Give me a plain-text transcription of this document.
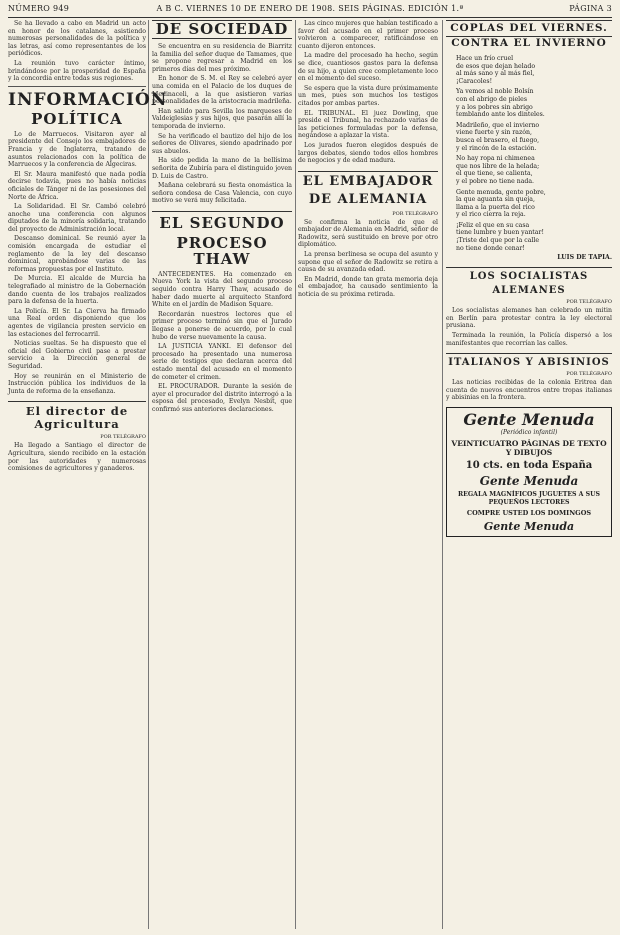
NÚMERO 949	A B C. VIERNES 10 DE ENERO DE 1908. SEIS PÁGINAS. EDICIÓN 1.ª	PÁGINA 3

Se ha llevado a cabo en Madrid un acto en honor de los catalanes, asistiendo numerosas personalidades de la política y las letras, así como representantes de los periódicos.

La reunión tuvo carácter íntimo, brindándose por la prosperidad de España y la concordia entre todas sus regiones.

INFORMACIÓN
POLÍTICA

Lo de Marruecos. Visitaron ayer al presidente del Consejo los embajadores de Francia y de Inglaterra, tratando de asuntos relacionados con la política de Marruecos y la conferencia de Algeciras.

El Sr. Maura manifestó que nada podía decirse todavía, pues no había noticias oficiales de Tánger ni de las posesiones del Norte de África.

La Solidaridad. El Sr. Cambó celebró anoche una conferencia con algunos diputados de la minoría solidaria, tratando del proyecto de Administración local.

Descanso dominical. Se reunió ayer la comisión encargada de estudiar el reglamento de la ley del descanso dominical, aprobándose varias de las reformas propuestas por el Instituto.

De Murcia. El alcalde de Murcia ha telegrafiado al ministro de la Gobernación dando cuenta de los trabajos realizados para la defensa de la huerta.

La Policía. El Sr. La Cierva ha firmado una Real orden disponiendo que los agentes de vigilancia presten servicio en las estaciones del ferrocarril.

Noticias sueltas. Se ha dispuesto que el oficial del Gobierno civil pase a prestar servicio a la Dirección general de Seguridad.

Hoy se reunirán en el Ministerio de Instrucción pública los individuos de la Junta de reforma de la enseñanza.

El director de Agricultura
POR TELÉGRAFO

Ha llegado a Santiago el director de Agricultura, siendo recibido en la estación por las autoridades y numerosas comisiones de agricultores y ganaderos.

DE SOCIEDAD

Se encuentra en su residencia de Biarritz la familia del señor duque de Tamames, que se propone regresar a Madrid en los primeros días del mes próximo.

En honor de S. M. el Rey se celebró ayer una comida en el Palacio de los duques de Medinaceli, a la que asistieron varias personalidades de la aristocracia madrileña.

Han salido para Sevilla los marqueses de Valdeiglesias y sus hijos, que pasarán allí la temporada de invierno.

Se ha verificado el bautizo del hijo de los señores de Olivares, siendo apadrinado por sus abuelos.

Ha sido pedida la mano de la bellísima señorita de Zubiría para el distinguido joven D. Luis de Castro.

Mañana celebrará su fiesta onomástica la señora condesa de Casa Valencia, con cuyo motivo se verá muy felicitada.

EL SEGUNDO
PROCESO THAW

ANTECEDENTES. Ha comenzado en Nueva York la vista del segundo proceso seguido contra Harry Thaw, acusado de haber dado muerte al arquitecto Stanford White en el jardín de Madison Square.

Recordarán nuestros lectores que el primer proceso terminó sin que el Jurado llegase a ponerse de acuerdo, por lo cual hubo de verse nuevamente la causa.

LA JUSTICIA YANKI. El defensor del procesado ha presentado una numerosa serie de testigos que declaran acerca del estado mental del acusado en el momento de cometer el crimen.

EL PROCURADOR. Durante la sesión de ayer el procurador del distrito interrogó a la esposa del procesado, Evelyn Nesbit, que confirmó sus anteriores declaraciones.

Las cinco mujeres que habían testificado a favor del acusado en el primer proceso volvieron a comparecer, ratificándose en cuanto dijeron entonces.

La madre del procesado ha hecho, según se dice, cuantiosos gastos para la defensa de su hijo, a quien cree completamente loco en el momento del suceso.

Se espera que la vista dure próximamente un mes, pues son muchos los testigos citados por ambas partes.

EL TRIBUNAL. El juez Dowling, que preside el Tribunal, ha rechazado varias de las peticiones formuladas por la defensa, negándose a aplazar la vista.

Los jurados fueron elegidos después de largos debates, siendo todos ellos hombres de negocios y de edad madura.

EL EMBAJADOR
DE ALEMANIA
POR TELÉGRAFO

Se confirma la noticia de que el embajador de Alemania en Madrid, señor de Radowitz, será sustituido en breve por otro diplomático.

La prensa berlinesa se ocupa del asunto y supone que el señor de Radowitz se retira a causa de su avanzada edad.

En Madrid, donde tan grata memoria deja el embajador, ha causado sentimiento la noticia de su próxima retirada.

COPLAS DEL VIERNES.
CONTRA EL INVIERNO
Hace un frío cruel
de esos que dejan helado
al más sano y al más fiel,
¡Caracoles!

Ya vemos al noble Bolsín
con el abrigo de pieles
y a los pobres sin abrigo
temblando ante los dinteles.

Madrileño, que el invierno
viene fuerte y sin razón,
busca el brasero, el fuego,
y el rincón de la estación.

No hay ropa ni chimenea
que nos libre de la helada;
el que tiene, se calienta,
y el pobre no tiene nada.

Gente menuda, gente pobre,
la que aguanta sin queja,
llama a la puerta del rico
y el rico cierra la reja.

¡Feliz el que en su casa
tiene lumbre y buen yantar!
¡Triste del que por la calle
no tiene donde cenar!
LUIS DE TAPIA.
LOS SOCIALISTAS
ALEMANES
POR TELÉGRAFO

Los socialistas alemanes han celebrado un mitin en Berlín para protestar contra la ley electoral prusiana.

Terminada la reunión, la Policía dispersó a los manifestantes que recorrían las calles.

ITALIANOS Y ABISINIOS
POR TELÉGRAFO

Las noticias recibidas de la colonia Eritrea dan cuenta de nuevos encuentros entre tropas italianas y abisinias en la frontera.

Gente Menuda
(Periódico infantil)
VEINTICUATRO PÁGINAS DE TEXTO Y DIBUJOS
10 cts. en toda España
Gente Menuda
REGALA MAGNÍFICOS JUGUETES A SUS PEQUEÑOS LECTORES
COMPRE USTED LOS DOMINGOS
Gente Menuda
